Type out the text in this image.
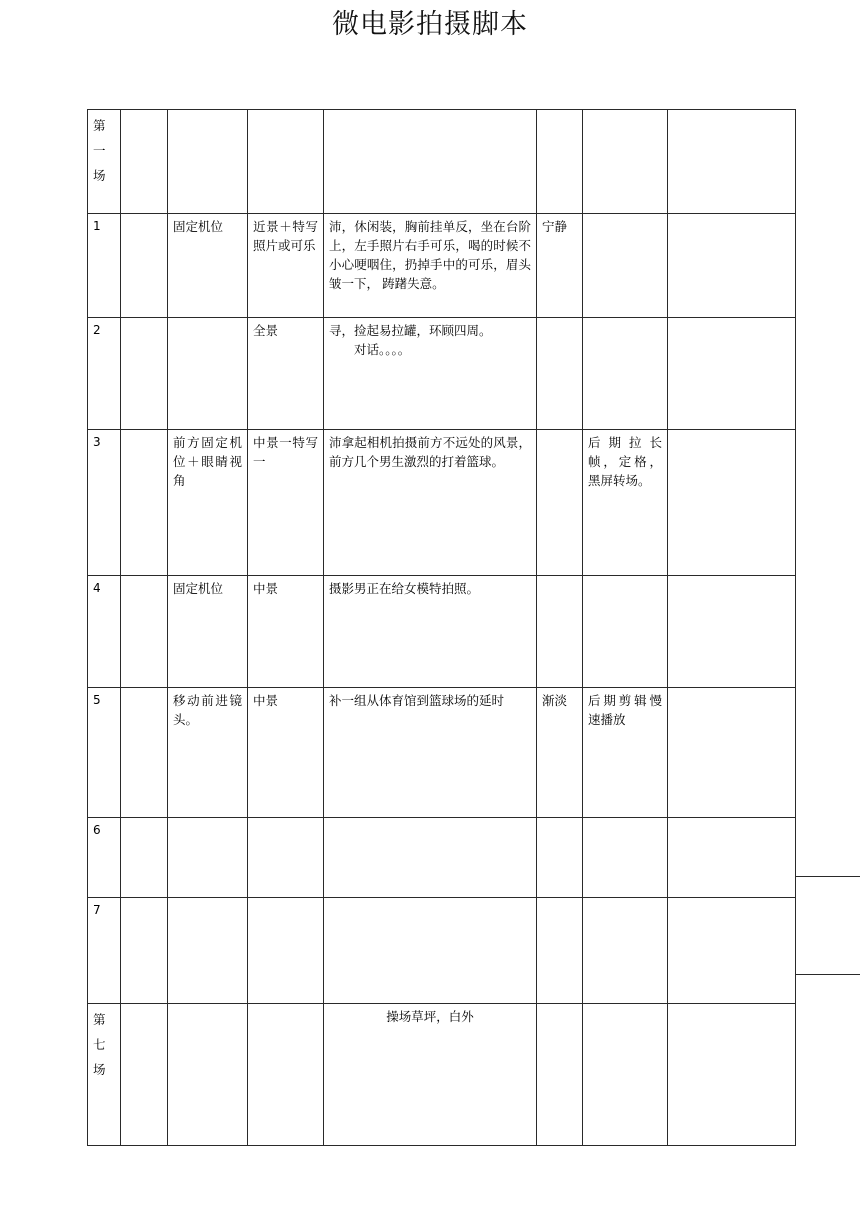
微电影拍摄脚本
第
一
场							

1		固定机位	近景＋特写照片或可乐	沛，休闲装，胸前挂单反，坐在台阶上，左手照片右手可乐，喝的时候不小心哽咽住，扔掉手中的可乐，眉头皱一下， 踌躇失意。	宁静		
2			全景	寻，捡起易拉罐，环顾四周。
对话。。。。			

3		前方固定机位＋眼睛视角	中景一特写一	沛拿起相机拍摄前方不远处的风景，前方几个男生激烈的打着篮球。		后期拉长帧，定格，黑屏转场。	
4		固定机位	中景	摄影男正在给女模特拍照。			
5		移动前进镜头。	中景	补一组从体育馆到篮球场的延时	渐淡	后期剪辑慢速播放	
6							
7							

第
七
场				操场草坪，白外			
